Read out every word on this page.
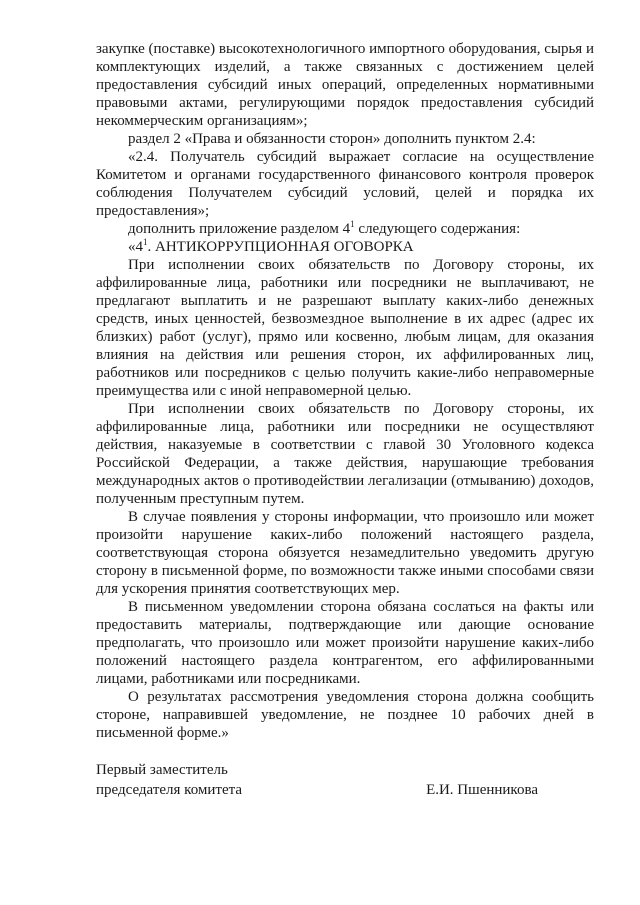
закупке (поставке) высокотехнологичного импортного оборудования, сырья и комплектующих изделий, а также связанных с достижением целей предоставления субсидий иных операций, определенных нормативными правовыми актами, регулирующими порядок предоставления субсидий некоммерческим организациям»;

раздел 2 «Права и обязанности сторон» дополнить пунктом 2.4:

«2.4. Получатель субсидий выражает согласие на осуществление Комитетом и органами государственного финансового контроля проверок соблюдения Получателем субсидий условий, целей и порядка их предоставления»;

дополнить приложение разделом $4^1$ следующего содержания:

«$4^1$. АНТИКОРРУПЦИОННАЯ ОГОВОРКА

При исполнении своих обязательств по Договору стороны, их аффилированные лица, работники или посредники не выплачивают, не предлагают выплатить и не разрешают выплату каких-либо денежных средств, иных ценностей, безвозмездное выполнение в их адрес (адрес их близких) работ (услуг), прямо или косвенно, любым лицам, для оказания влияния на действия или решения сторон, их аффилированных лиц, работников или посредников с целью получить какие-либо неправомерные преимущества или с иной неправомерной целью.

При исполнении своих обязательств по Договору стороны, их аффилированные лица, работники или посредники не осуществляют действия, наказуемые в соответствии с главой 30 Уголовного кодекса Российской Федерации, а также действия, нарушающие требования международных актов о противодействии легализации (отмыванию) доходов, полученным преступным путем.

В случае появления у стороны информации, что произошло или может произойти нарушение каких-либо положений настоящего раздела, соответствующая сторона обязуется незамедлительно уведомить другую сторону в письменной форме, по возможности также иными способами связи для ускорения принятия соответствующих мер.

В письменном уведомлении сторона обязана сослаться на факты или предоставить материалы, подтверждающие или дающие основание предполагать, что произошло или может произойти нарушение каких-либо положений настоящего раздела контрагентом, его аффилированными лицами, работниками или посредниками.

О результатах рассмотрения уведомления сторона должна сообщить стороне, направившей уведомление, не позднее 10 рабочих дней в письменной форме.»

Первый заместитель

председателя комитета	Е.И. Пшенникова
